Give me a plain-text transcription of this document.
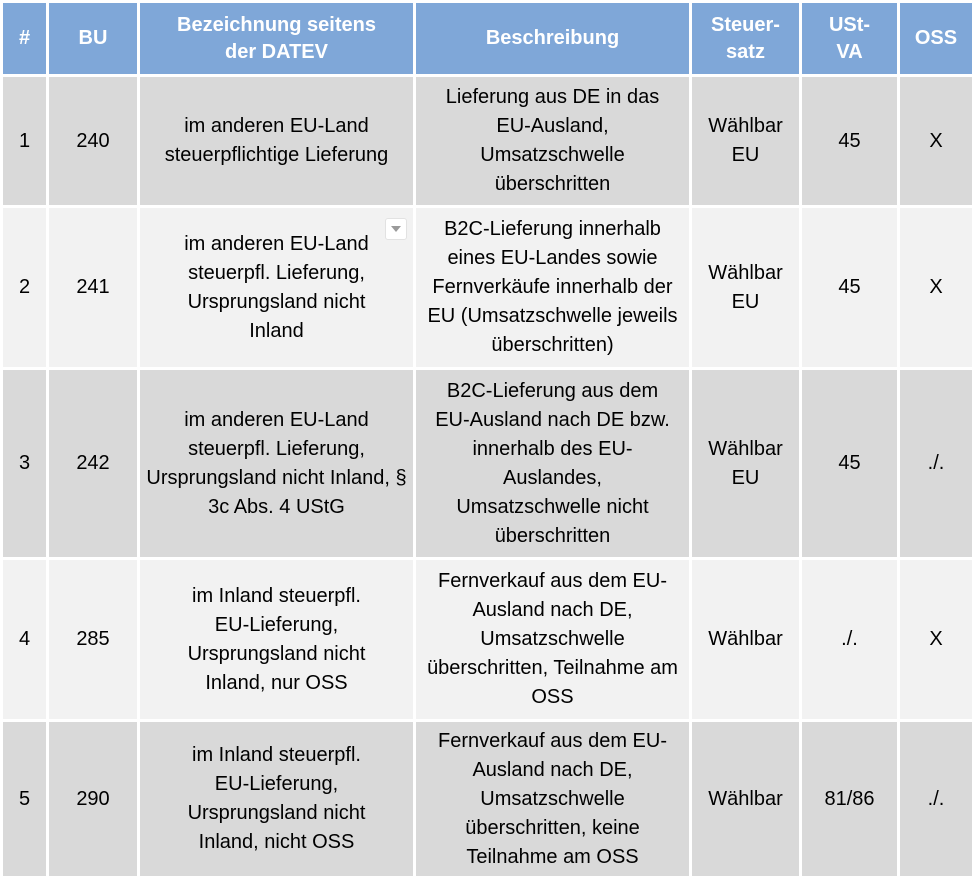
#	BU	Bezeichnung seitens der DATEV	Beschreibung	Steuer-satz	USt-VA	OSS
1	240	im anderen EU-Land steuerpflichtige Lieferung	Lieferung aus DE in das EU-Ausland, Umsatzschwelle überschritten	Wählbar EU	45	X
2	241	im anderen EU-Land steuerpfl. Lieferung, Ursprungsland nicht Inland	B2C-Lieferung innerhalb eines EU-Landes sowie Fernverkäufe innerhalb der EU (Umsatzschwelle jeweils überschritten)	Wählbar EU	45	X
3	242	im anderen EU-Land steuerpfl. Lieferung, Ursprungsland nicht Inland, § 3c Abs. 4 UStG	B2C-Lieferung aus dem EU-Ausland nach DE bzw. innerhalb des EU-Auslandes, Umsatzschwelle nicht überschritten	Wählbar EU	45	./.
4	285	im Inland steuerpfl. EU-Lieferung, Ursprungsland nicht Inland, nur OSS	Fernverkauf aus dem EU-Ausland nach DE, Umsatzschwelle überschritten, Teilnahme am OSS	Wählbar	./.	X
5	290	im Inland steuerpfl. EU-Lieferung, Ursprungsland nicht Inland, nicht OSS	Fernverkauf aus dem EU-Ausland nach DE, Umsatzschwelle überschritten, keine Teilnahme am OSS	Wählbar	81/86	./.
